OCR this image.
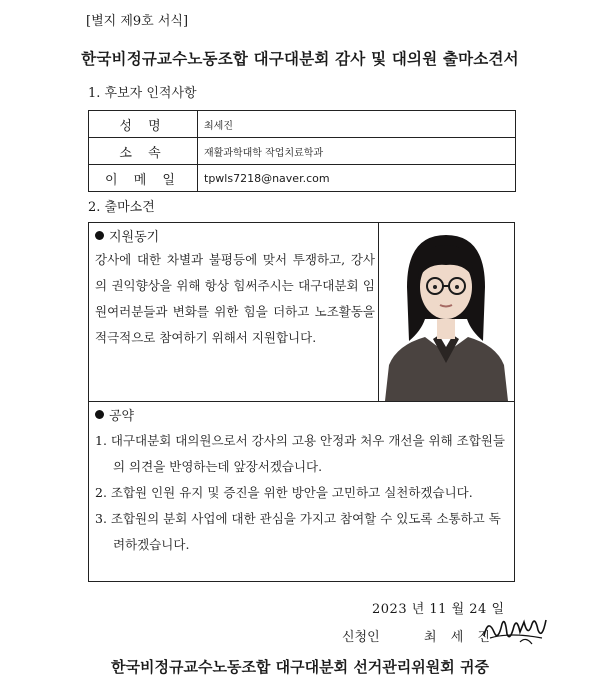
[별지 제9호 서식]
한국비정규교수노동조합 대구대분회 감사 및 대의원 출마소견서
1. 후보자 인적사항
성 명	최세진
소 속	재활과학대학 작업치료학과
이 메 일	tpwls7218@naver.com
2. 출마소견
지원동기
강사에 대한 차별과 불평등에 맞서 투쟁하고, 강사의 권익향상을 위해 항상 힘써주시는 대구대분회 임원여러분들과 변화를 위한 힘을 더하고 노조활동을 적극적으로 참여하기 위해서 지원합니다.
공약
1. 대구대분회 대의원으로서 강사의 고용 안정과 처우 개선을 위해 조합원들의 의견을 반영하는데 앞장서겠습니다.
2. 조합원 인원 유지 및 증진을 위한 방안을 고민하고 실천하겠습니다.
3. 조합원의 분회 사업에 대한 관심을 가지고 참여할 수 있도록 소통하고 독려하겠습니다.
2023 년 11 월 24 일
신청인	최 세 진
한국비정규교수노동조합 대구대분회 선거관리위원회 귀중
